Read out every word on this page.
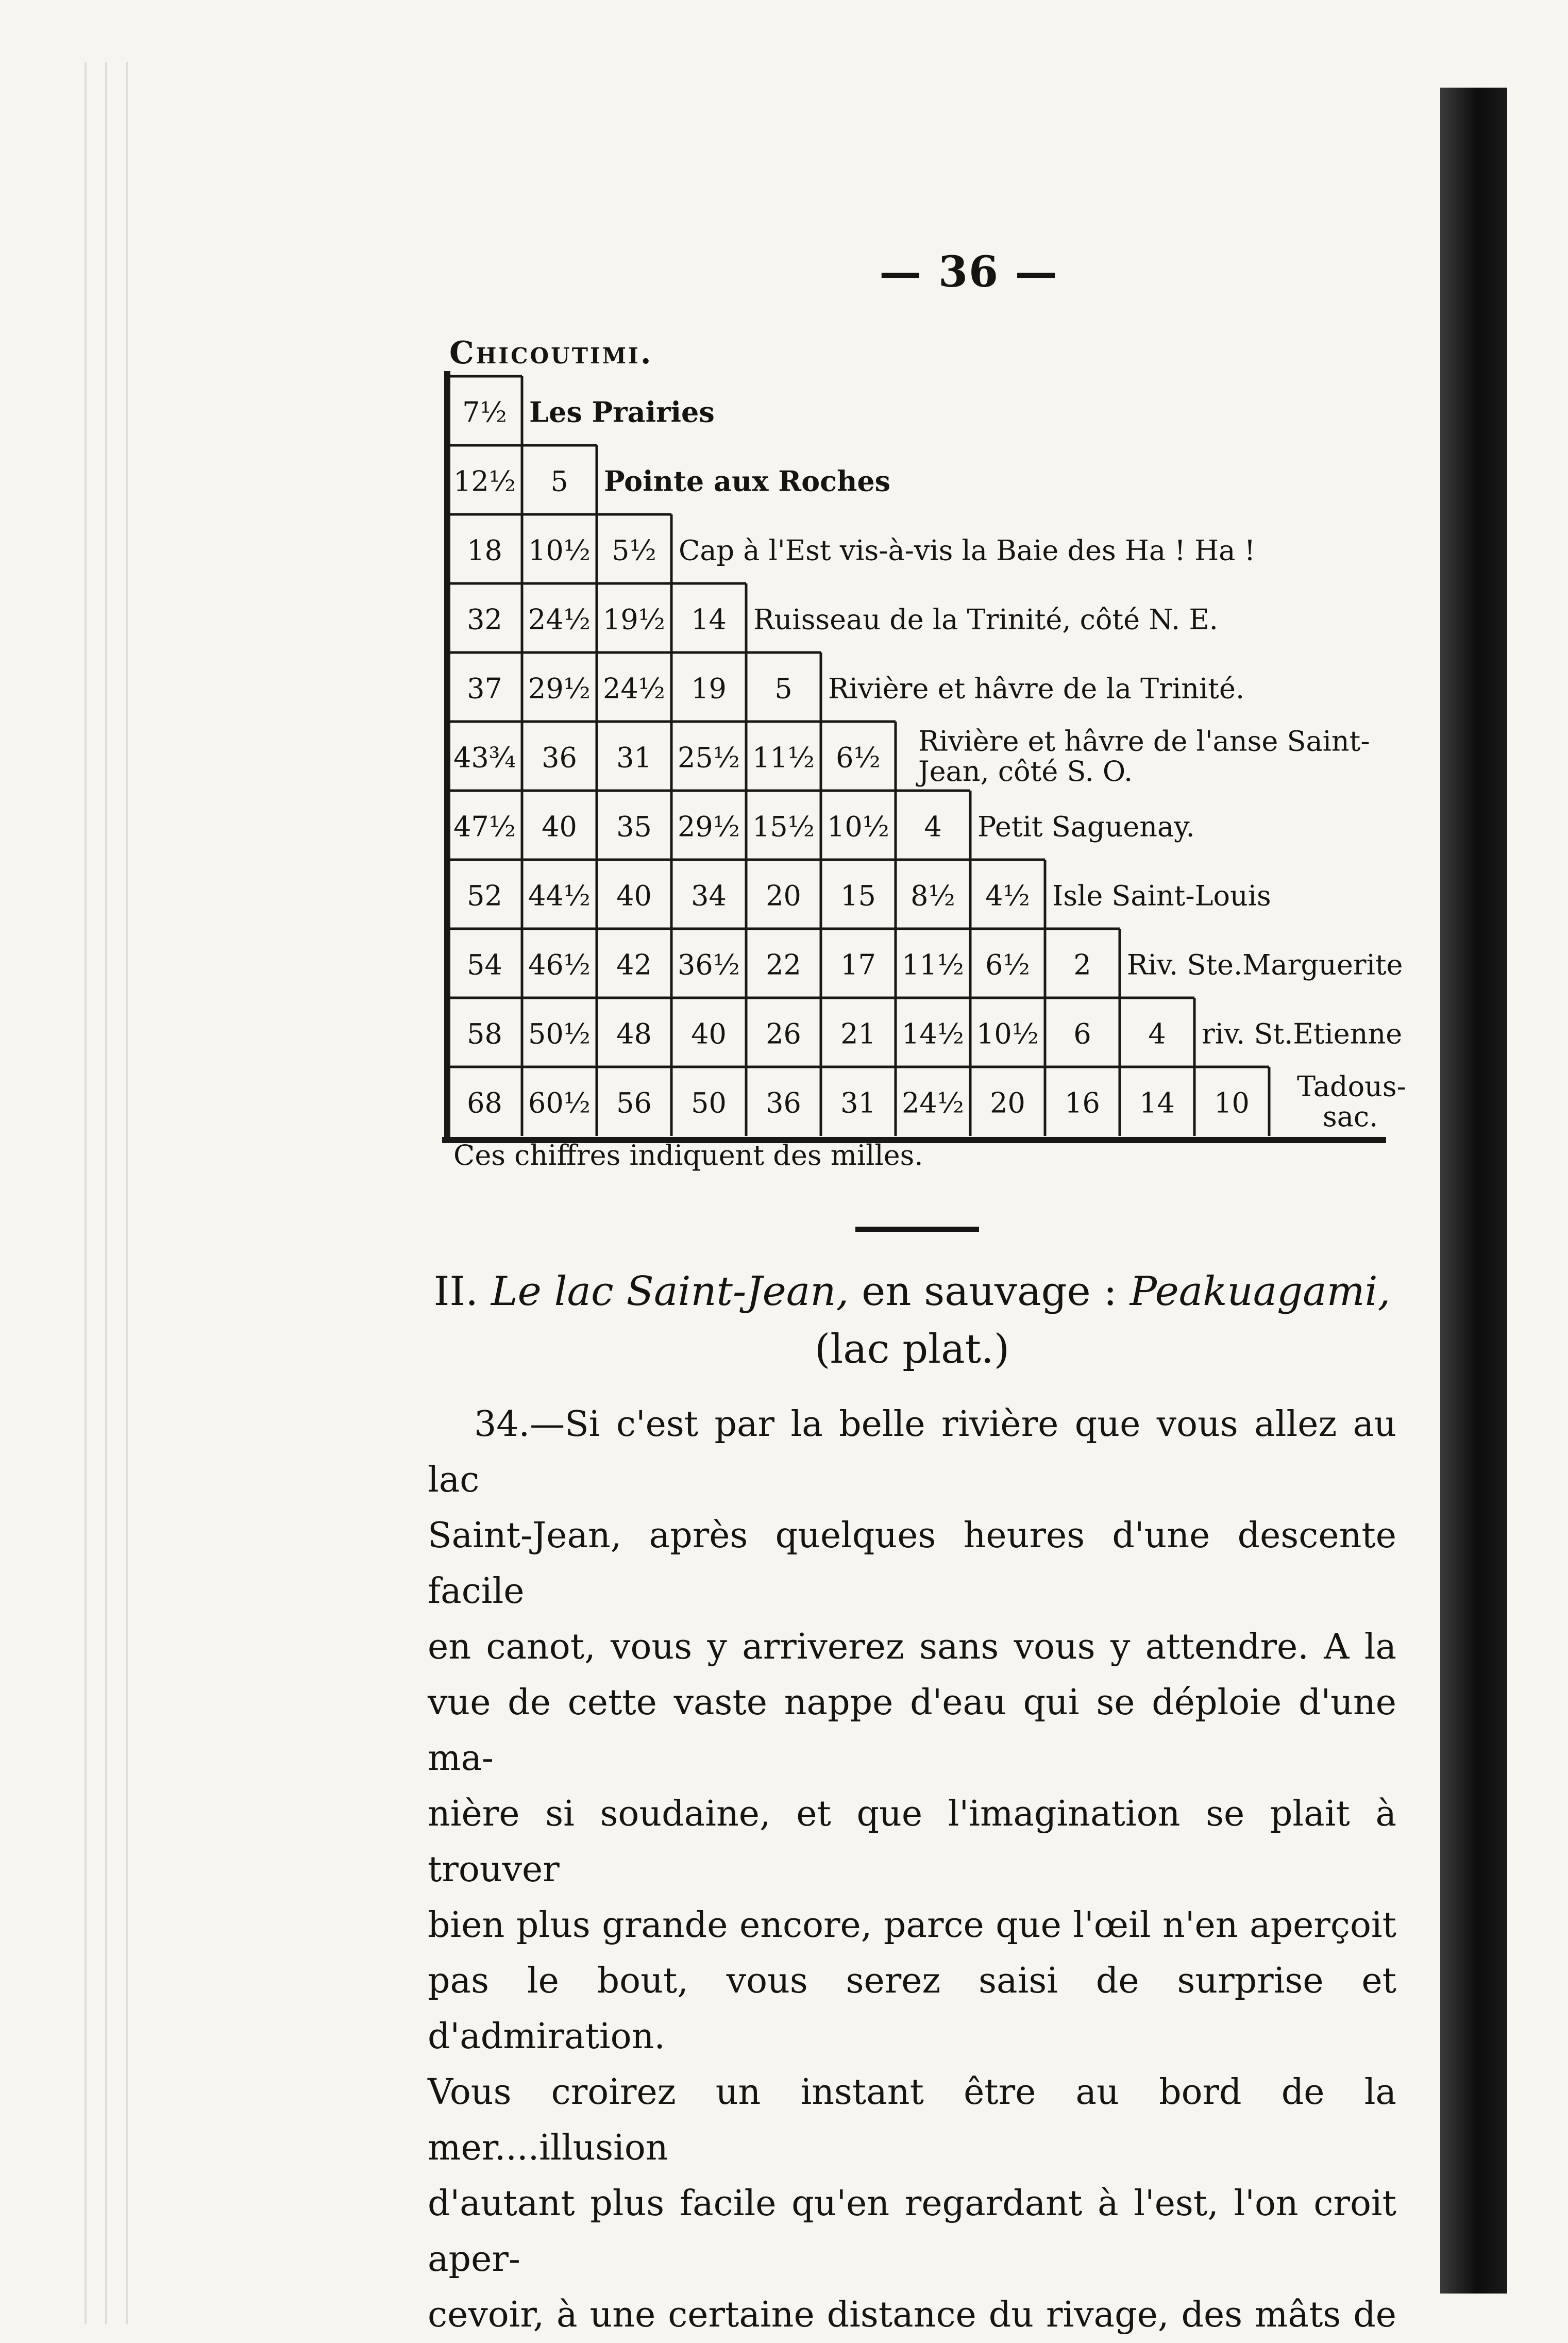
— 36 —
Chicoutimi.
7½ Les Prairies
12½ 5 Pointe aux Roches
18 10½ 5½ Cap à l'Est vis-à-vis la Baie des Ha ! Ha !
32 24½ 19½ 14 Ruisseau de la Trinité, côté N. E.
37 29½ 24½ 19 5 Rivière et hâvre de la Trinité.
43¾ 36 31 25½ 11½ 6½
Rivière et hâvre de l'anse Saint-
Jean, côté S. O.
47½ 40 35 29½ 15½ 10½ 4 Petit Saguenay.
52 44½ 40 34 20 15 8½ 4½ Isle Saint-Louis
54 46½ 42 36½ 22 17 11½ 6½ 2 Riv. Ste.Marguerite
58 50½ 48 40 26 21 14½ 10½ 6 4 riv. St.Etienne
68 60½ 56 50 36 31 24½ 20 16 14 10
Tadous-
sac.
Ces chiffres indiquent des milles.
II. Le lac Saint-Jean, en sauvage : Peakuagami,
(lac plat.)
34.—Si c'est par la belle rivière que vous allez au lac
Saint-Jean, après quelques heures d'une descente facile
en canot, vous y arriverez sans vous y attendre. A la
vue de cette vaste nappe d'eau qui se déploie d'une ma-
nière si soudaine, et que l'imagination se plait à trouver
bien plus grande encore, parce que l'œil n'en aperçoit
pas le bout, vous serez saisi de surprise et d'admiration.
Vous croirez un instant être au bord de la mer....illusion
d'autant plus facile qu'en regardant à l'est, l'on croit aper-
cevoir, à une certaine distance du rivage, des mâts de
